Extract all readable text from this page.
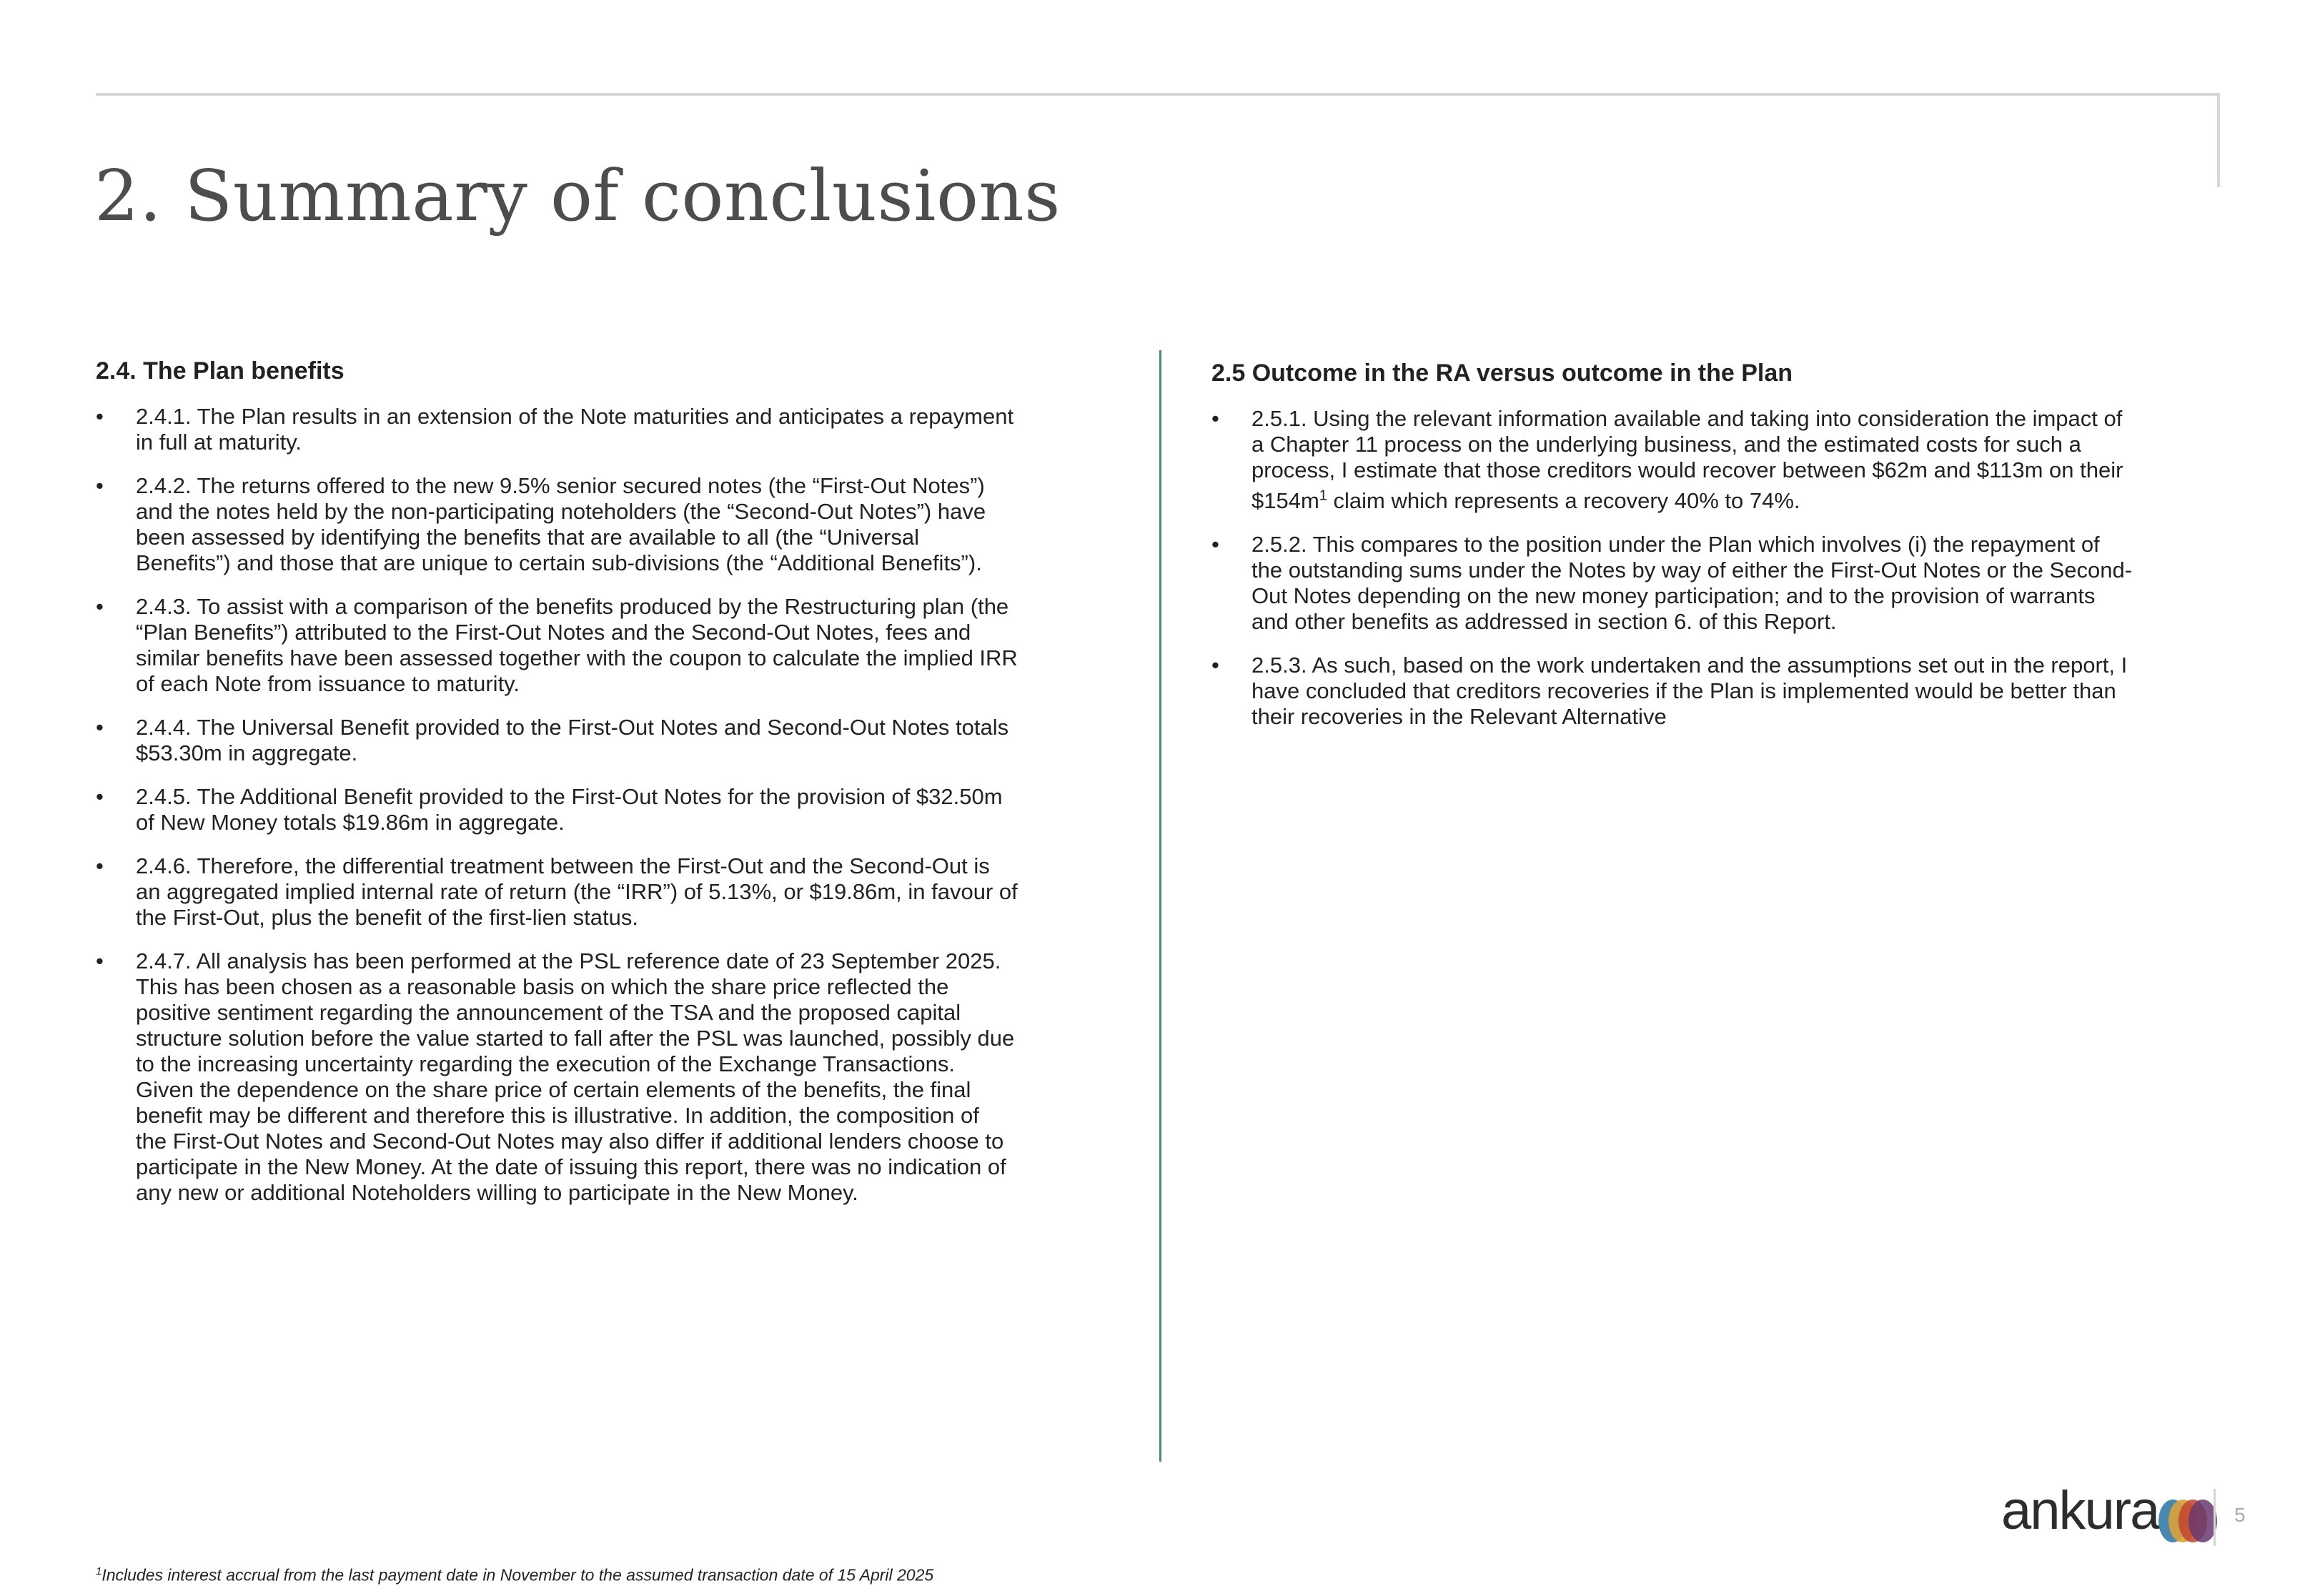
2. Summary of conclusions
2.4. The Plan benefits
• 2.4.1. The Plan results in an extension of the Note maturities and anticipates a repayment
in full at maturity.
• 2.4.2. The returns offered to the new 9.5% senior secured notes (the “First-Out Notes”)
and the notes held by the non-participating noteholders (the “Second-Out Notes”) have
been assessed by identifying the benefits that are available to all (the “Universal
Benefits”) and those that are unique to certain sub-divisions (the “Additional Benefits”).
• 2.4.3. To assist with a comparison of the benefits produced by the Restructuring plan (the
“Plan Benefits”) attributed to the First-Out Notes and the Second-Out Notes, fees and
similar benefits have been assessed together with the coupon to calculate the implied IRR
of each Note from issuance to maturity.
• 2.4.4. The Universal Benefit provided to the First-Out Notes and Second-Out Notes totals
$53.30m in aggregate.
• 2.4.5. The Additional Benefit provided to the First-Out Notes for the provision of $32.50m
of New Money totals $19.86m in aggregate.
• 2.4.6. Therefore, the differential treatment between the First-Out and the Second-Out is
an aggregated implied internal rate of return (the “IRR”) of 5.13%, or $19.86m, in favour of
the First-Out, plus the benefit of the first-lien status.
• 2.4.7. All analysis has been performed at the PSL reference date of 23 September 2025.
This has been chosen as a reasonable basis on which the share price reflected the
positive sentiment regarding the announcement of the TSA and the proposed capital
structure solution before the value started to fall after the PSL was launched, possibly due
to the increasing uncertainty regarding the execution of the Exchange Transactions.
Given the dependence on the share price of certain elements of the benefits, the final
benefit may be different and therefore this is illustrative. In addition, the composition of
the First-Out Notes and Second-Out Notes may also differ if additional lenders choose to
participate in the New Money. At the date of issuing this report, there was no indication of
any new or additional Noteholders willing to participate in the New Money.
2.5 Outcome in the RA versus outcome in the Plan
• 2.5.1. Using the relevant information available and taking into consideration the impact of
a Chapter 11 process on the underlying business, and the estimated costs for such a
process, I estimate that those creditors would recover between $62m and $113m on their
$\$154m^1$ claim which represents a recovery 40% to 74%.
• 2.5.2. This compares to the position under the Plan which involves (i) the repayment of
the outstanding sums under the Notes by way of either the First-Out Notes or the Second-
Out Notes depending on the new money participation; and to the provision of warrants
and other benefits as addressed in section 6. of this Report.
• 2.5.3. As such, based on the work undertaken and the assumptions set out in the report, I
have concluded that creditors recoveries if the Plan is implemented would be better than
their recoveries in the Relevant Alternative
ankura	5
$^1$Includes interest accrual from the last payment date in November to the assumed transaction date of 15 April 2025
